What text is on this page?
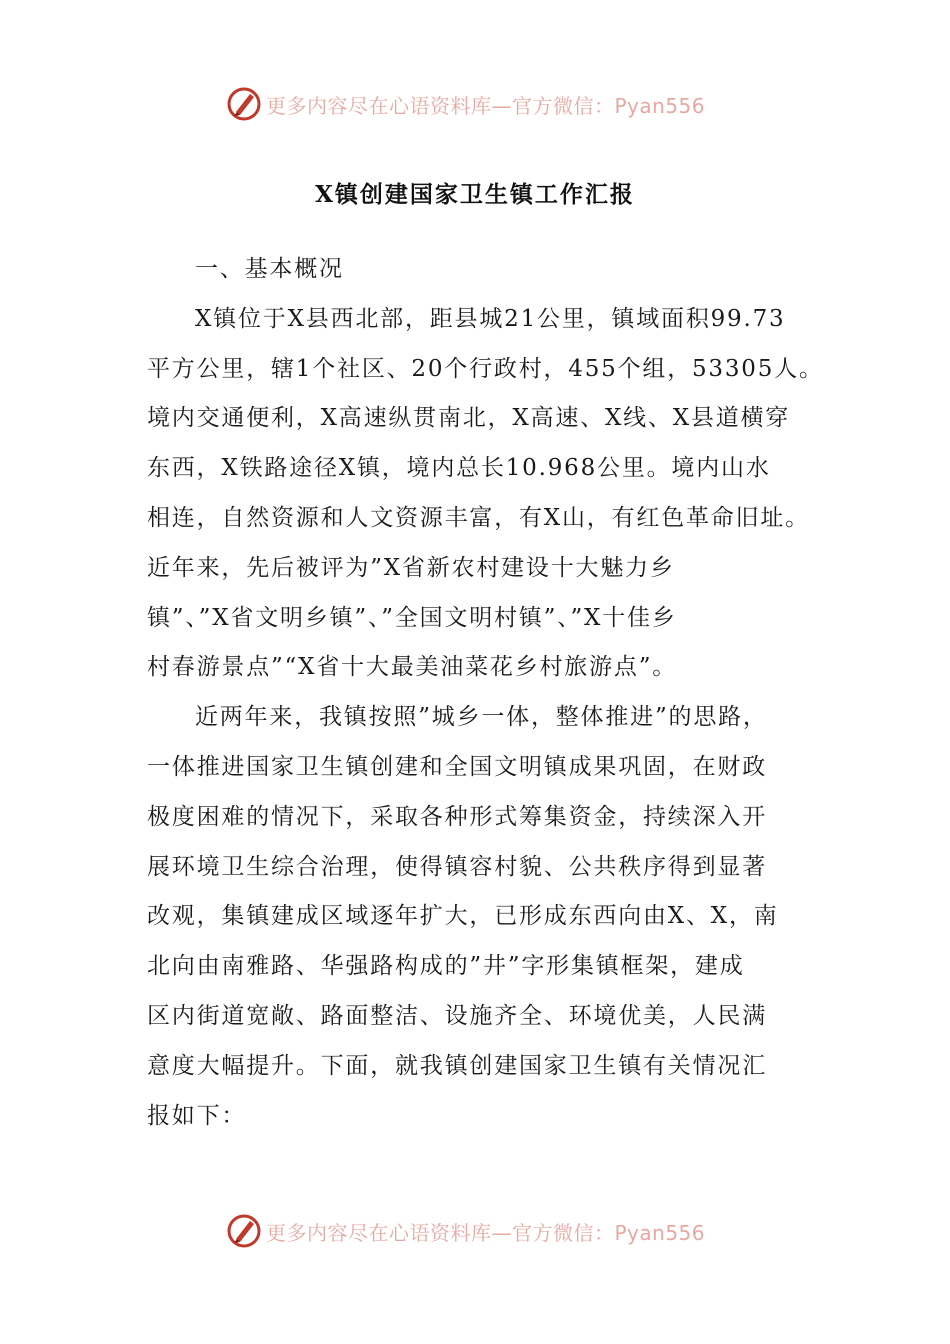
更多内容尽在心语资料库—官方微信：Pyan556
X镇创建国家卫生镇工作汇报
一、基本概况
X镇位于X县西北部，距县城21公里，镇域面积99.73
平方公里，辖1个社区、20个行政村，455个组，53305人。
境内交通便利，X高速纵贯南北，X高速、X线、X县道横穿
东西，X铁路途径X镇，境内总长10.968公里。境内山水
相连，自然资源和人文资源丰富，有X山，有红色革命旧址。
近年来，先后被评为”X省新农村建设十大魅力乡
镇”、”X省文明乡镇”、”全国文明村镇”、”X十佳乡
村春游景点”“X省十大最美油菜花乡村旅游点”。
近两年来，我镇按照”城乡一体，整体推进”的思路，
一体推进国家卫生镇创建和全国文明镇成果巩固，在财政
极度困难的情况下，采取各种形式筹集资金，持续深入开
展环境卫生综合治理，使得镇容村貌、公共秩序得到显著
改观，集镇建成区域逐年扩大，已形成东西向由X、X，南
北向由南雅路、华强路构成的”井”字形集镇框架，建成
区内街道宽敞、路面整洁、设施齐全、环境优美，人民满
意度大幅提升。下面，就我镇创建国家卫生镇有关情况汇
报如下：
更多内容尽在心语资料库—官方微信：Pyan556
